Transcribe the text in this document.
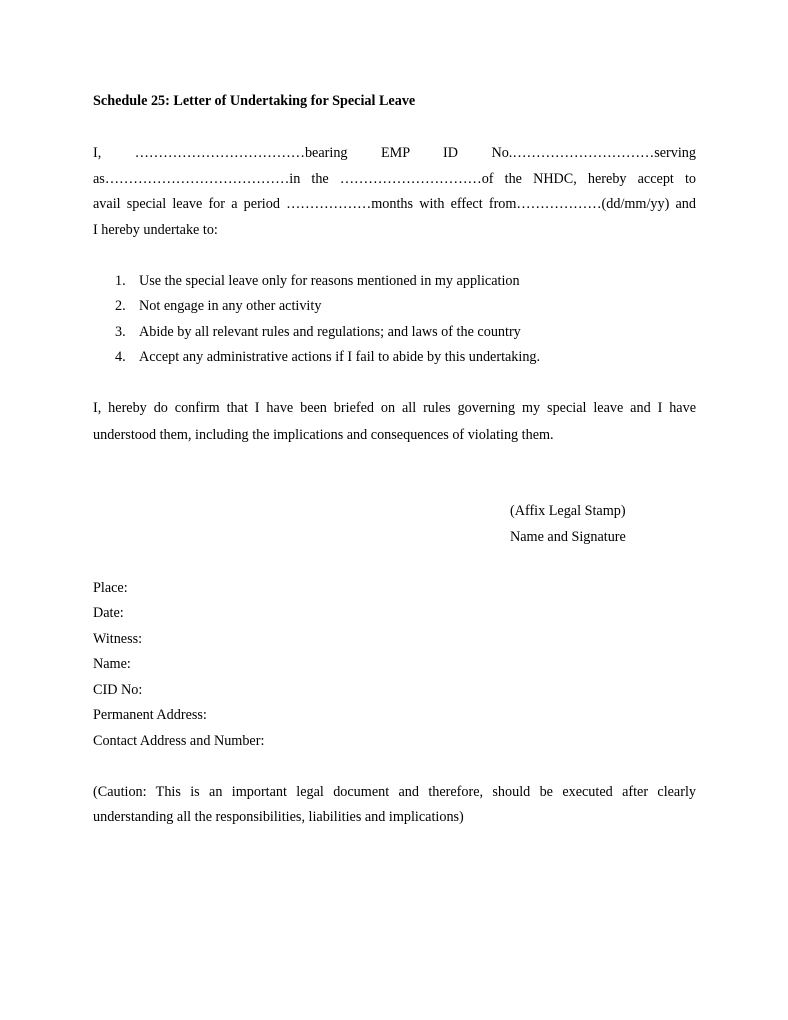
Schedule 25: Letter of Undertaking for Special Leave
I, ………………………………bearing EMP ID No.…………………………serving
as…………………………………in the …………………………of the NHDC, hereby accept to
avail special leave for a period ………………months with effect from………………(dd/mm/yy) and
I hereby undertake to:
1. Use the special leave only for reasons mentioned in my application
2. Not engage in any other activity
3. Abide by all relevant rules and regulations; and laws of the country
4. Accept any administrative actions if I fail to abide by this undertaking.
I, hereby do confirm that I have been briefed on all rules governing my special leave and I have
understood them, including the implications and consequences of violating them.
(Affix Legal Stamp)
Name and Signature
Place:
Date:
Witness:
Name:
CID No:
Permanent Address:
Contact Address and Number:
(Caution: This is an important legal document and therefore, should be executed after clearly
understanding all the responsibilities, liabilities and implications)
